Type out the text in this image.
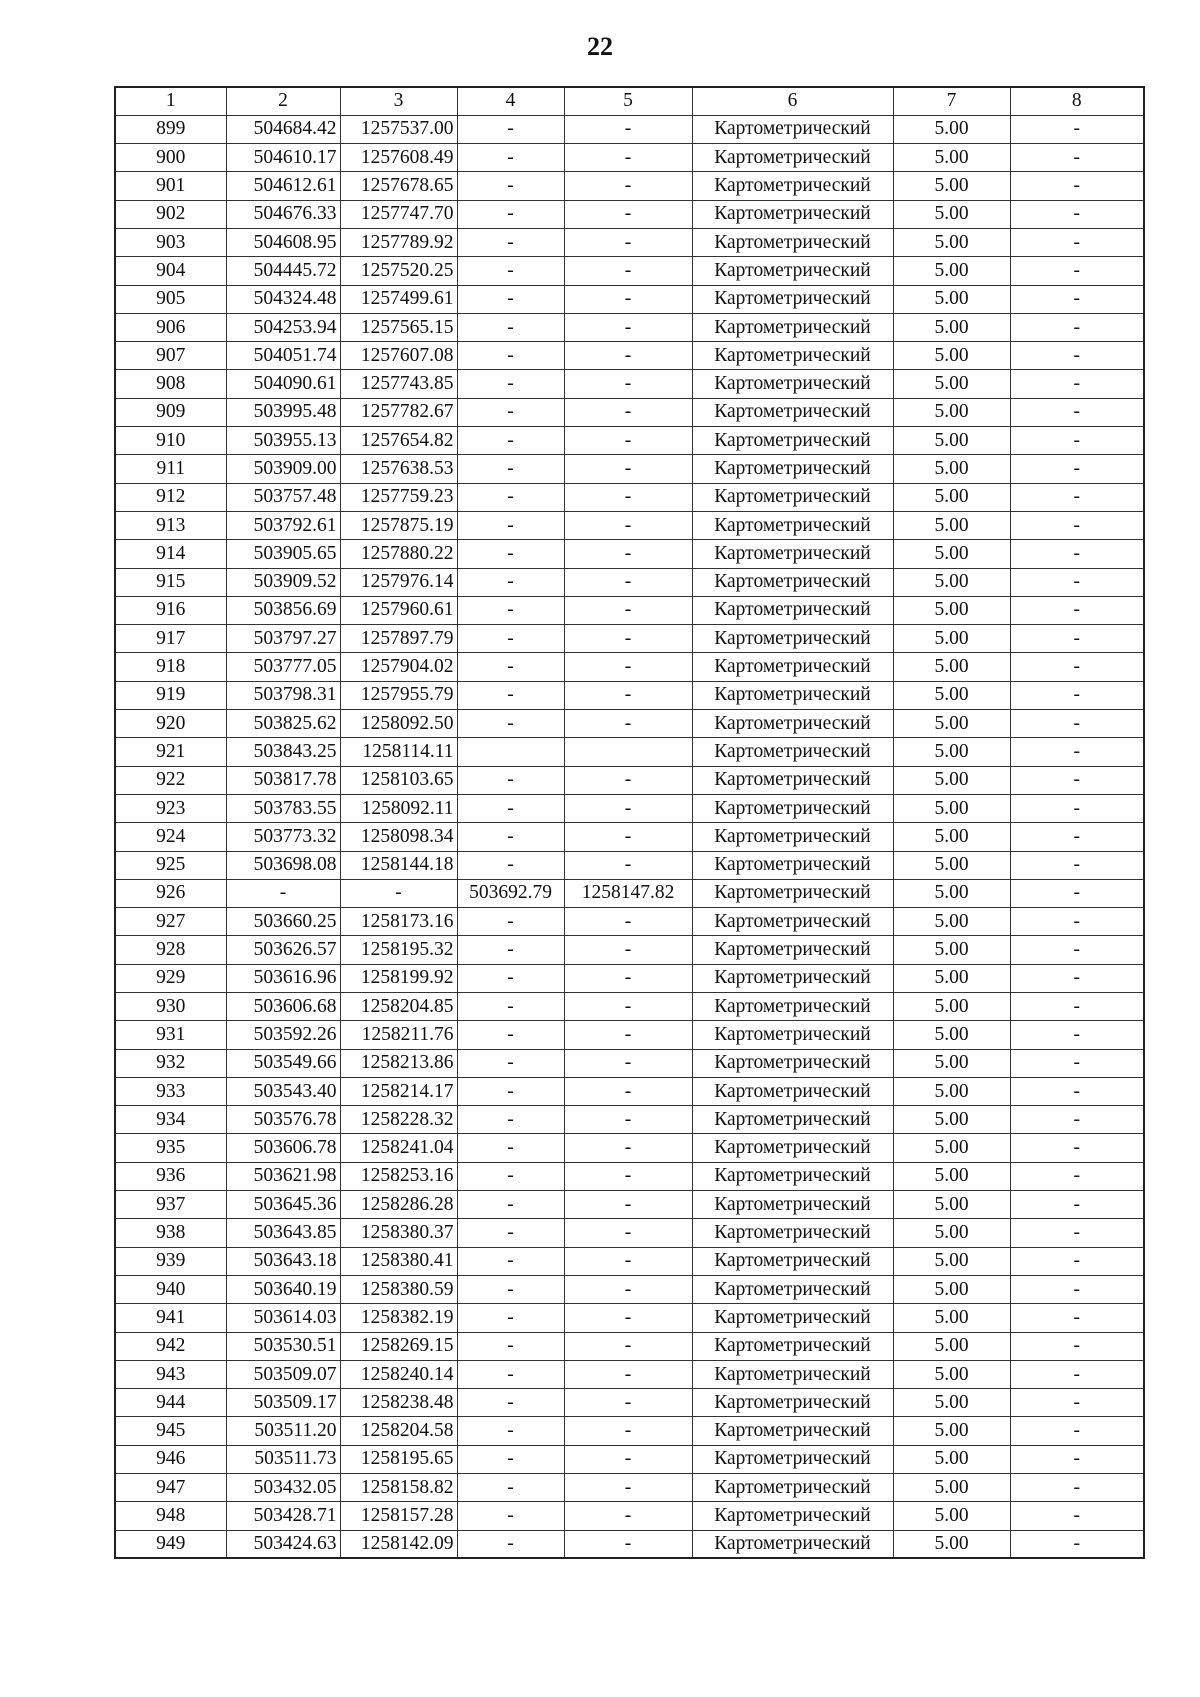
22
1	2	3	4	5	6	7	8
899	504684.42	1257537.00	-	-	Картометрический	5.00	-
900	504610.17	1257608.49	-	-	Картометрический	5.00	-
901	504612.61	1257678.65	-	-	Картометрический	5.00	-
902	504676.33	1257747.70	-	-	Картометрический	5.00	-
903	504608.95	1257789.92	-	-	Картометрический	5.00	-
904	504445.72	1257520.25	-	-	Картометрический	5.00	-
905	504324.48	1257499.61	-	-	Картометрический	5.00	-
906	504253.94	1257565.15	-	-	Картометрический	5.00	-
907	504051.74	1257607.08	-	-	Картометрический	5.00	-
908	504090.61	1257743.85	-	-	Картометрический	5.00	-
909	503995.48	1257782.67	-	-	Картометрический	5.00	-
910	503955.13	1257654.82	-	-	Картометрический	5.00	-
911	503909.00	1257638.53	-	-	Картометрический	5.00	-
912	503757.48	1257759.23	-	-	Картометрический	5.00	-
913	503792.61	1257875.19	-	-	Картометрический	5.00	-
914	503905.65	1257880.22	-	-	Картометрический	5.00	-
915	503909.52	1257976.14	-	-	Картометрический	5.00	-
916	503856.69	1257960.61	-	-	Картометрический	5.00	-
917	503797.27	1257897.79	-	-	Картометрический	5.00	-
918	503777.05	1257904.02	-	-	Картометрический	5.00	-
919	503798.31	1257955.79	-	-	Картометрический	5.00	-
920	503825.62	1258092.50	-	-	Картометрический	5.00	-
921	503843.25	1258114.11			Картометрический	5.00	-
922	503817.78	1258103.65	-	-	Картометрический	5.00	-
923	503783.55	1258092.11	-	-	Картометрический	5.00	-
924	503773.32	1258098.34	-	-	Картометрический	5.00	-
925	503698.08	1258144.18	-	-	Картометрический	5.00	-
926	-	-	503692.79	1258147.82	Картометрический	5.00	-
927	503660.25	1258173.16	-	-	Картометрический	5.00	-
928	503626.57	1258195.32	-	-	Картометрический	5.00	-
929	503616.96	1258199.92	-	-	Картометрический	5.00	-
930	503606.68	1258204.85	-	-	Картометрический	5.00	-
931	503592.26	1258211.76	-	-	Картометрический	5.00	-
932	503549.66	1258213.86	-	-	Картометрический	5.00	-
933	503543.40	1258214.17	-	-	Картометрический	5.00	-
934	503576.78	1258228.32	-	-	Картометрический	5.00	-
935	503606.78	1258241.04	-	-	Картометрический	5.00	-
936	503621.98	1258253.16	-	-	Картометрический	5.00	-
937	503645.36	1258286.28	-	-	Картометрический	5.00	-
938	503643.85	1258380.37	-	-	Картометрический	5.00	-
939	503643.18	1258380.41	-	-	Картометрический	5.00	-
940	503640.19	1258380.59	-	-	Картометрический	5.00	-
941	503614.03	1258382.19	-	-	Картометрический	5.00	-
942	503530.51	1258269.15	-	-	Картометрический	5.00	-
943	503509.07	1258240.14	-	-	Картометрический	5.00	-
944	503509.17	1258238.48	-	-	Картометрический	5.00	-
945	503511.20	1258204.58	-	-	Картометрический	5.00	-
946	503511.73	1258195.65	-	-	Картометрический	5.00	-
947	503432.05	1258158.82	-	-	Картометрический	5.00	-
948	503428.71	1258157.28	-	-	Картометрический	5.00	-
949	503424.63	1258142.09	-	-	Картометрический	5.00	-
